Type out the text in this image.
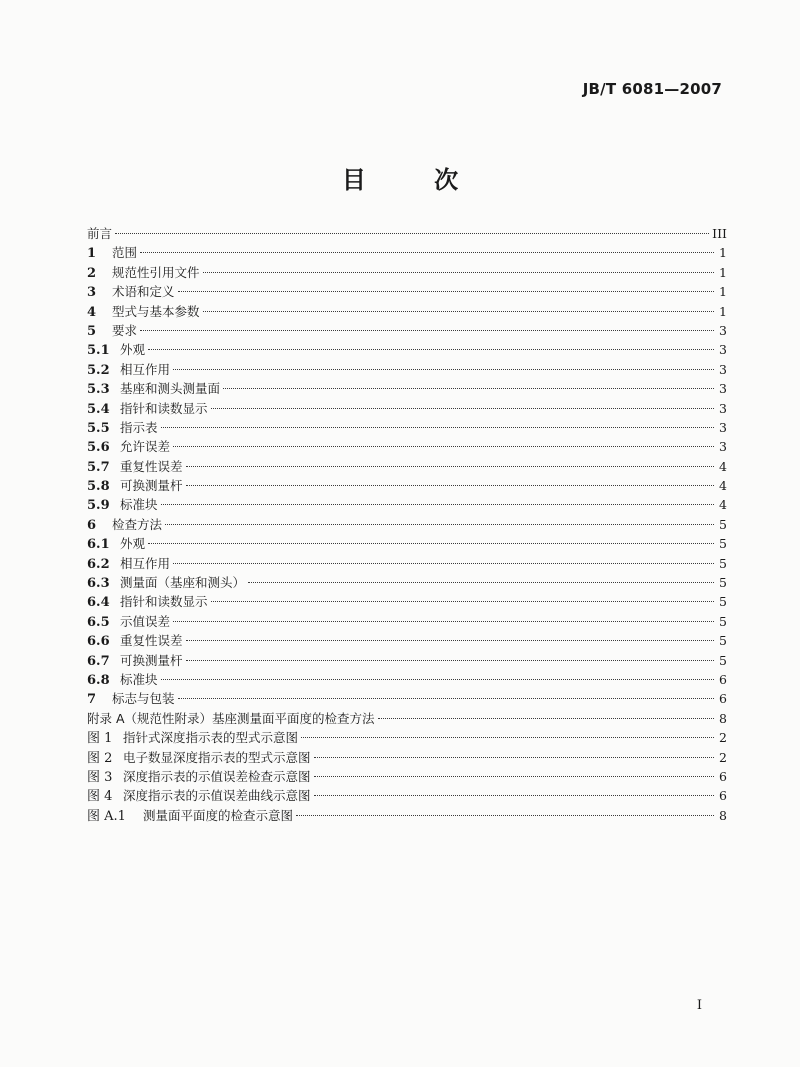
JB/T 6081—2007
目 次
前言	III
1	范围	1
2	规范性引用文件	1
3	术语和定义	1
4	型式与基本参数	1
5	要求	3
5.1 外观	3
5.2 相互作用	3
5.3 基座和测头测量面	3
5.4 指针和读数显示	3
5.5 指示表	3
5.6 允许误差	3
5.7 重复性误差	4
5.8 可换测量杆	4
5.9 标准块	4
6	检查方法	5
6.1 外观	5
6.2 相互作用	5
6.3 测量面（基座和测头）	5
6.4 指针和读数显示	5
6.5 示值误差	5
6.6 重复性误差	5
6.7 可换测量杆	5
6.8 标准块	6
7	标志与包装	6
附录 A（规范性附录）基座测量面平面度的检查方法	8
图 1 指针式深度指示表的型式示意图	2
图 2 电子数显深度指示表的型式示意图	2
图 3 深度指示表的示值误差检查示意图	6
图 4 深度指示表的示值误差曲线示意图	6
图 A.1	测量面平面度的检查示意图	8
I
